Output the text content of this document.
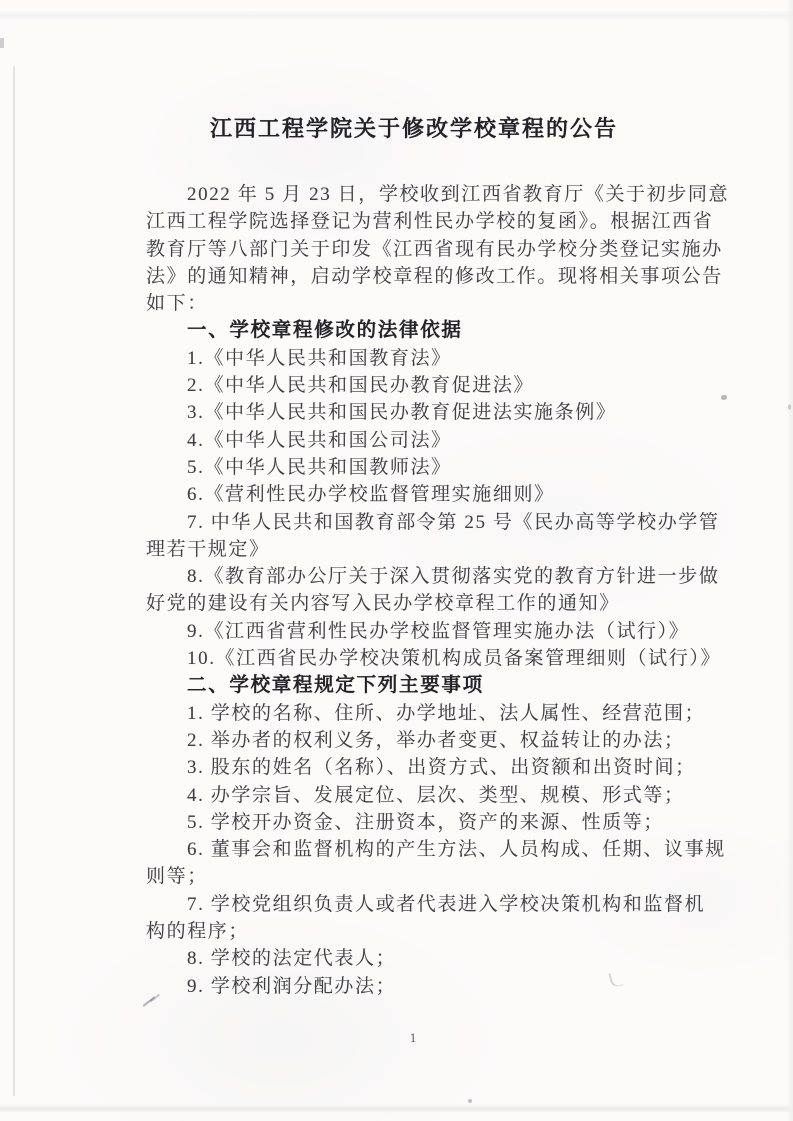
江西工程学院关于修改学校章程的公告
2022 年 5 月 23 日，学校收到江西省教育厅《关于初步同意
江西工程学院选择登记为营利性民办学校的复函》。根据江西省
教育厅等八部门关于印发《江西省现有民办学校分类登记实施办
法》的通知精神，启动学校章程的修改工作。现将相关事项公告
如下：
一、学校章程修改的法律依据
1.《中华人民共和国教育法》
2.《中华人民共和国民办教育促进法》
3.《中华人民共和国民办教育促进法实施条例》
4.《中华人民共和国公司法》
5.《中华人民共和国教师法》
6.《营利性民办学校监督管理实施细则》
7. 中华人民共和国教育部令第 25 号《民办高等学校办学管
理若干规定》
8.《教育部办公厅关于深入贯彻落实党的教育方针进一步做
好党的建设有关内容写入民办学校章程工作的通知》
9.《江西省营利性民办学校监督管理实施办法（试行）》
10.《江西省民办学校决策机构成员备案管理细则（试行）》
二、学校章程规定下列主要事项
1. 学校的名称、住所、办学地址、法人属性、经营范围；
2. 举办者的权利义务，举办者变更、权益转让的办法；
3. 股东的姓名（名称）、出资方式、出资额和出资时间；
4. 办学宗旨、发展定位、层次、类型、规模、形式等；
5. 学校开办资金、注册资本，资产的来源、性质等；
6. 董事会和监督机构的产生方法、人员构成、任期、议事规
则等；
7. 学校党组织负责人或者代表进入学校决策机构和监督机
构的程序；
8. 学校的法定代表人；
9. 学校利润分配办法；
1
